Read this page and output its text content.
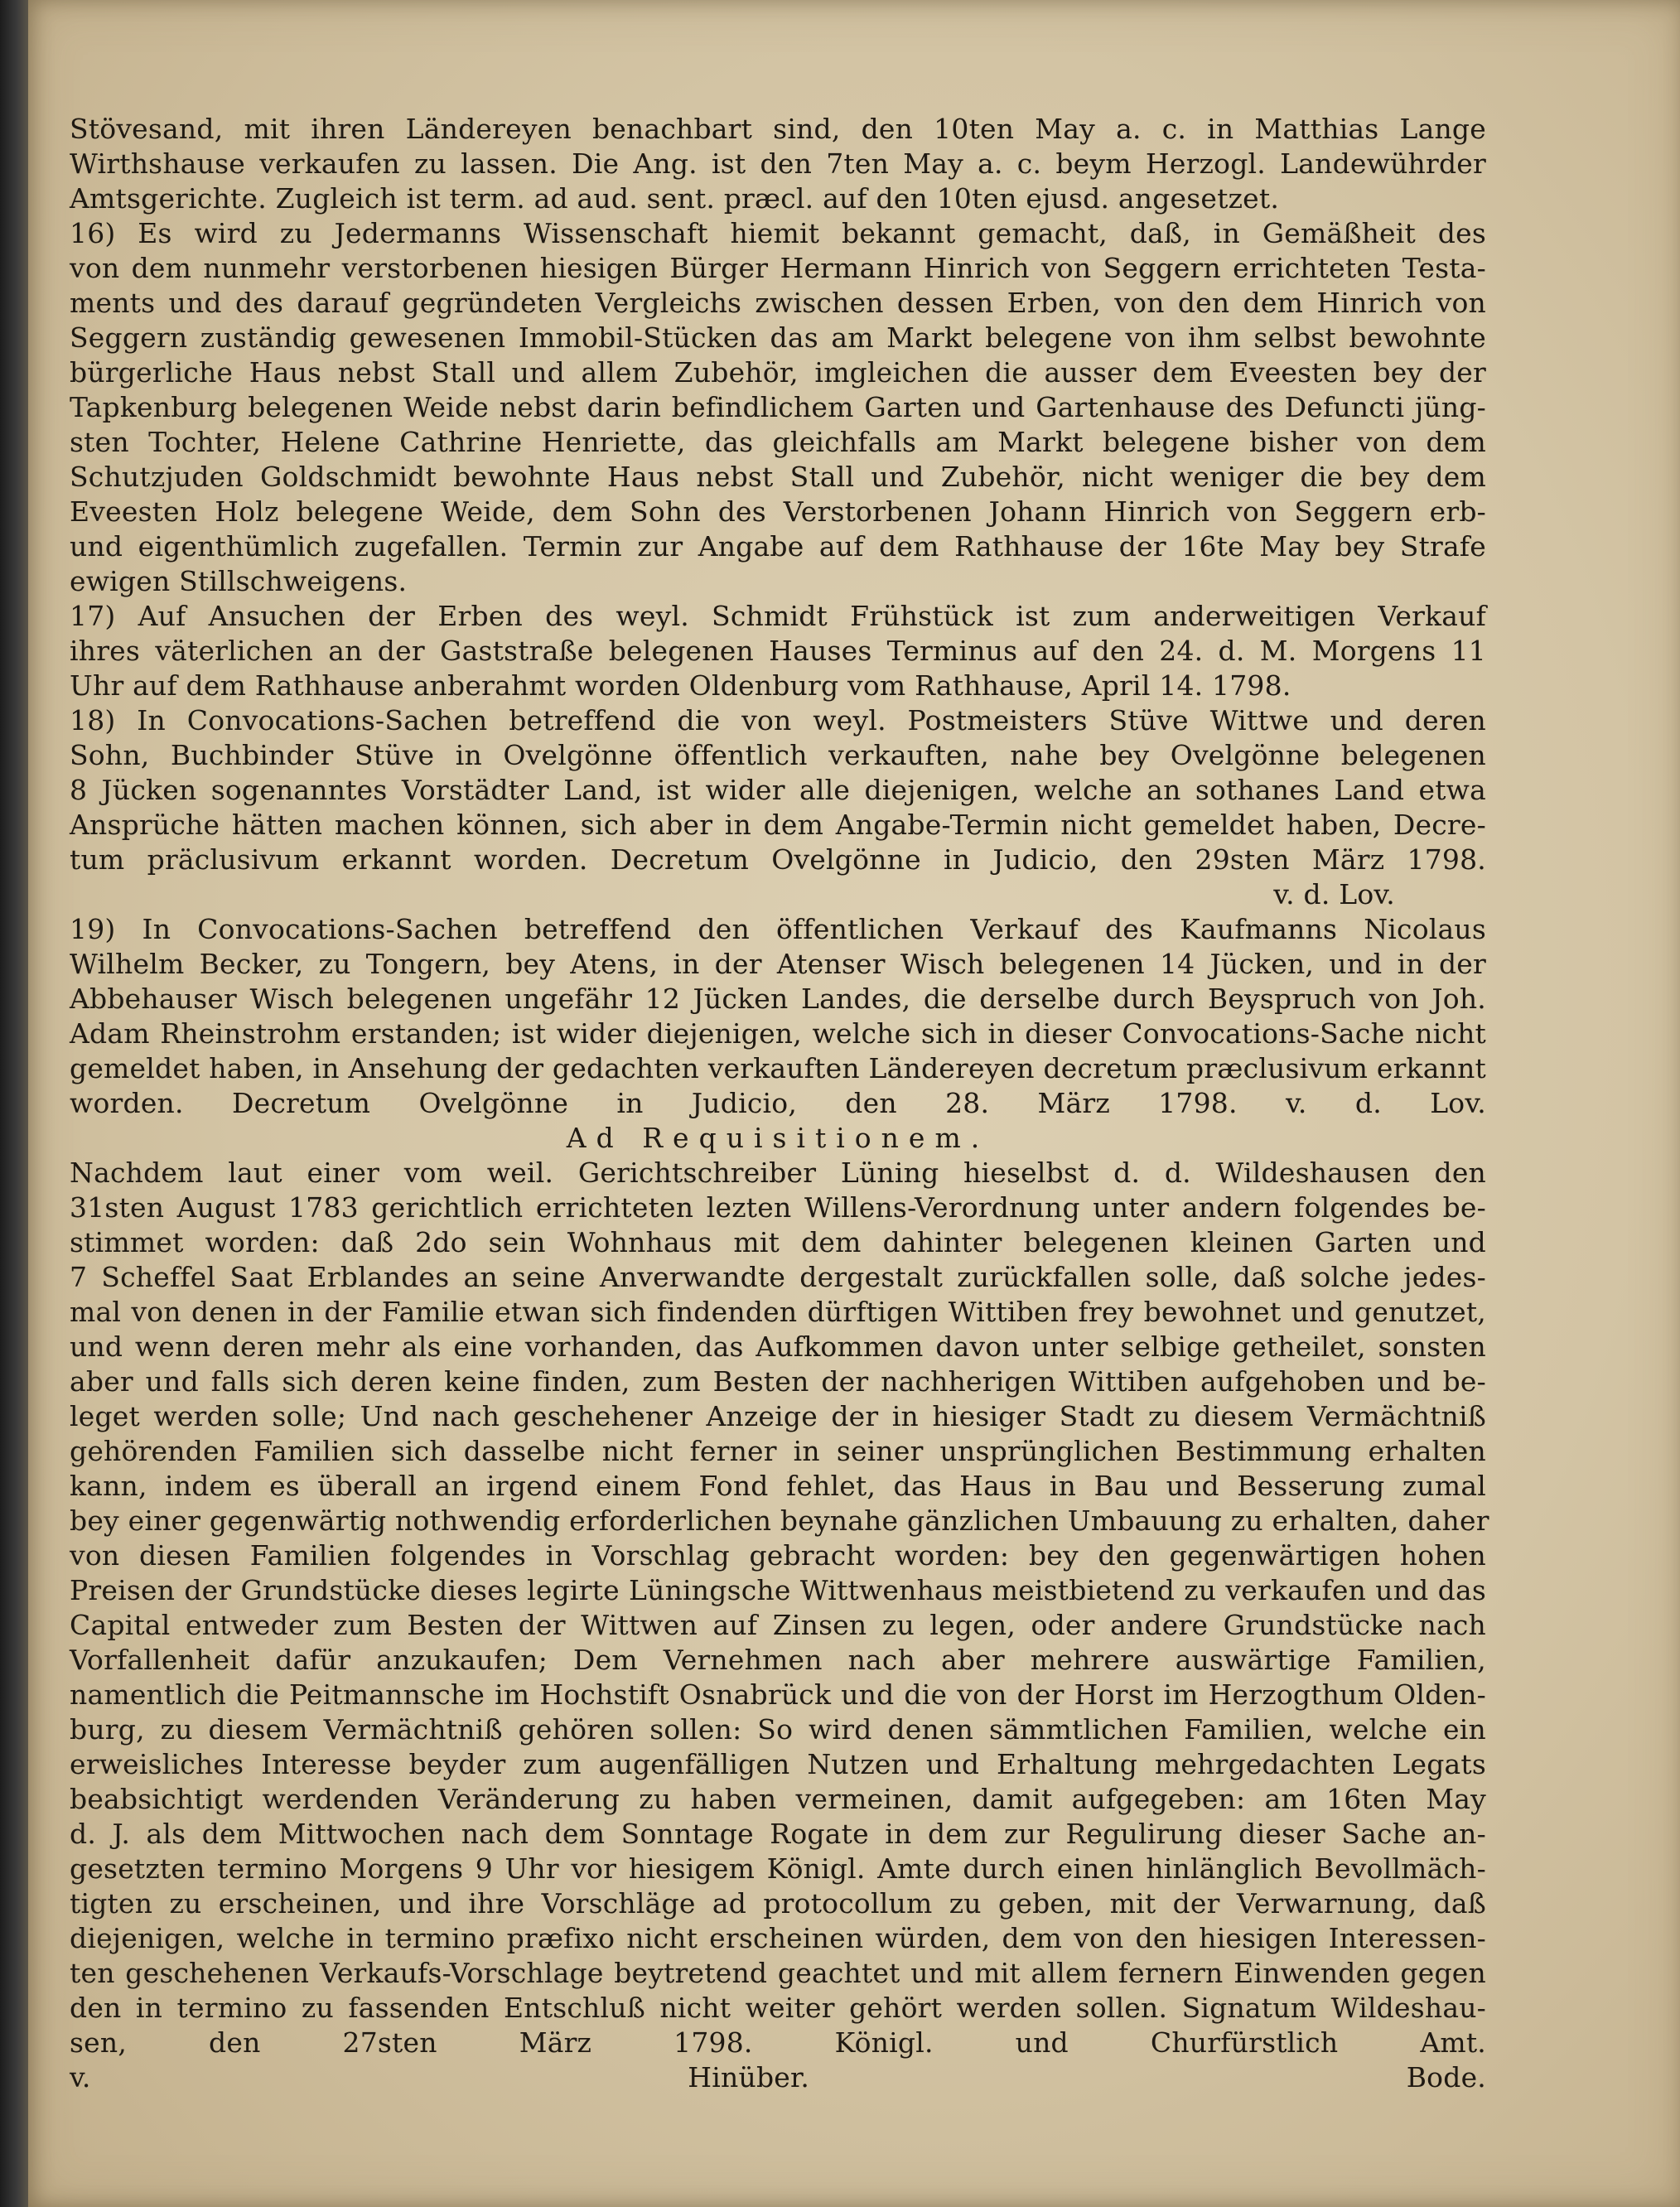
Stövesand, mit ihren Ländereyen benachbart sind, den 10ten May a. c. in Matthias Lange
Wirthshause verkaufen zu lassen. Die Ang. ist den 7ten May a. c. beym Herzogl. Landewührder
Amtsgerichte. Zugleich ist term. ad aud. sent. præcl. auf den 10ten ejusd. angesetzet.
16) Es wird zu Jedermanns Wissenschaft hiemit bekannt gemacht, daß, in Gemäßheit des
von dem nunmehr verstorbenen hiesigen Bürger Hermann Hinrich von Seggern errichteten Testa-
ments und des darauf gegründeten Vergleichs zwischen dessen Erben, von den dem Hinrich von
Seggern zuständig gewesenen Immobil-Stücken das am Markt belegene von ihm selbst bewohnte
bürgerliche Haus nebst Stall und allem Zubehör, imgleichen die ausser dem Eveesten bey der
Tapkenburg belegenen Weide nebst darin befindlichem Garten und Gartenhause des Defuncti jüng-
sten Tochter, Helene Cathrine Henriette, das gleichfalls am Markt belegene bisher von dem
Schutzjuden Goldschmidt bewohnte Haus nebst Stall und Zubehör, nicht weniger die bey dem
Eveesten Holz belegene Weide, dem Sohn des Verstorbenen Johann Hinrich von Seggern erb-
und eigenthümlich zugefallen. Termin zur Angabe auf dem Rathhause der 16te May bey Strafe
ewigen Stillschweigens.
17) Auf Ansuchen der Erben des weyl. Schmidt Frühstück ist zum anderweitigen Verkauf
ihres väterlichen an der Gaststraße belegenen Hauses Terminus auf den 24. d. M. Morgens 11
Uhr auf dem Rathhause anberahmt worden Oldenburg vom Rathhause, April 14. 1798.
18) In Convocations-Sachen betreffend die von weyl. Postmeisters Stüve Wittwe und deren
Sohn, Buchbinder Stüve in Ovelgönne öffentlich verkauften, nahe bey Ovelgönne belegenen
8 Jücken sogenanntes Vorstädter Land, ist wider alle diejenigen, welche an sothanes Land etwa
Ansprüche hätten machen können, sich aber in dem Angabe-Termin nicht gemeldet haben, Decre-
tum präclusivum erkannt worden. Decretum Ovelgönne in Judicio, den 29sten März 1798.
v. d. Lov.
19) In Convocations-Sachen betreffend den öffentlichen Verkauf des Kaufmanns Nicolaus
Wilhelm Becker, zu Tongern, bey Atens, in der Atenser Wisch belegenen 14 Jücken, und in der
Abbehauser Wisch belegenen ungefähr 12 Jücken Landes, die derselbe durch Beyspruch von Joh.
Adam Rheinstrohm erstanden; ist wider diejenigen, welche sich in dieser Convocations-Sache nicht
gemeldet haben, in Ansehung der gedachten verkauften Ländereyen decretum præclusivum erkannt
worden. Decretum Ovelgönne in Judicio, den 28. März 1798. v. d. Lov.
Ad Requisitionem.
Nachdem laut einer vom weil. Gerichtschreiber Lüning hieselbst d. d. Wildeshausen den
31sten August 1783 gerichtlich errichteten lezten Willens-Verordnung unter andern folgendes be-
stimmet worden: daß 2do sein Wohnhaus mit dem dahinter belegenen kleinen Garten und
7 Scheffel Saat Erblandes an seine Anverwandte dergestalt zurückfallen solle, daß solche jedes-
mal von denen in der Familie etwan sich findenden dürftigen Wittiben frey bewohnet und genutzet,
und wenn deren mehr als eine vorhanden, das Aufkommen davon unter selbige getheilet, sonsten
aber und falls sich deren keine finden, zum Besten der nachherigen Wittiben aufgehoben und be-
leget werden solle; Und nach geschehener Anzeige der in hiesiger Stadt zu diesem Vermächtniß
gehörenden Familien sich dasselbe nicht ferner in seiner unsprünglichen Bestimmung erhalten
kann, indem es überall an irgend einem Fond fehlet, das Haus in Bau und Besserung zumal
bey einer gegenwärtig nothwendig erforderlichen beynahe gänzlichen Umbauung zu erhalten, daher
von diesen Familien folgendes in Vorschlag gebracht worden: bey den gegenwärtigen hohen
Preisen der Grundstücke dieses legirte Lüningsche Wittwenhaus meistbietend zu verkaufen und das
Capital entweder zum Besten der Wittwen auf Zinsen zu legen, oder andere Grundstücke nach
Vorfallenheit dafür anzukaufen; Dem Vernehmen nach aber mehrere auswärtige Familien,
namentlich die Peitmannsche im Hochstift Osnabrück und die von der Horst im Herzogthum Olden-
burg, zu diesem Vermächtniß gehören sollen: So wird denen sämmtlichen Familien, welche ein
erweisliches Interesse beyder zum augenfälligen Nutzen und Erhaltung mehrgedachten Legats
beabsichtigt werdenden Veränderung zu haben vermeinen, damit aufgegeben: am 16ten May
d. J. als dem Mittwochen nach dem Sonntage Rogate in dem zur Regulirung dieser Sache an-
gesetzten termino Morgens 9 Uhr vor hiesigem Königl. Amte durch einen hinlänglich Bevollmäch-
tigten zu erscheinen, und ihre Vorschläge ad protocollum zu geben, mit der Verwarnung, daß
diejenigen, welche in termino præfixo nicht erscheinen würden, dem von den hiesigen Interessen-
ten geschehenen Verkaufs-Vorschlage beytretend geachtet und mit allem fernern Einwenden gegen
den in termino zu fassenden Entschluß nicht weiter gehört werden sollen. Signatum Wildeshau-
sen, den 27sten März 1798. Königl. und Churfürstlich Amt.
v. Hinüber. Bode.
